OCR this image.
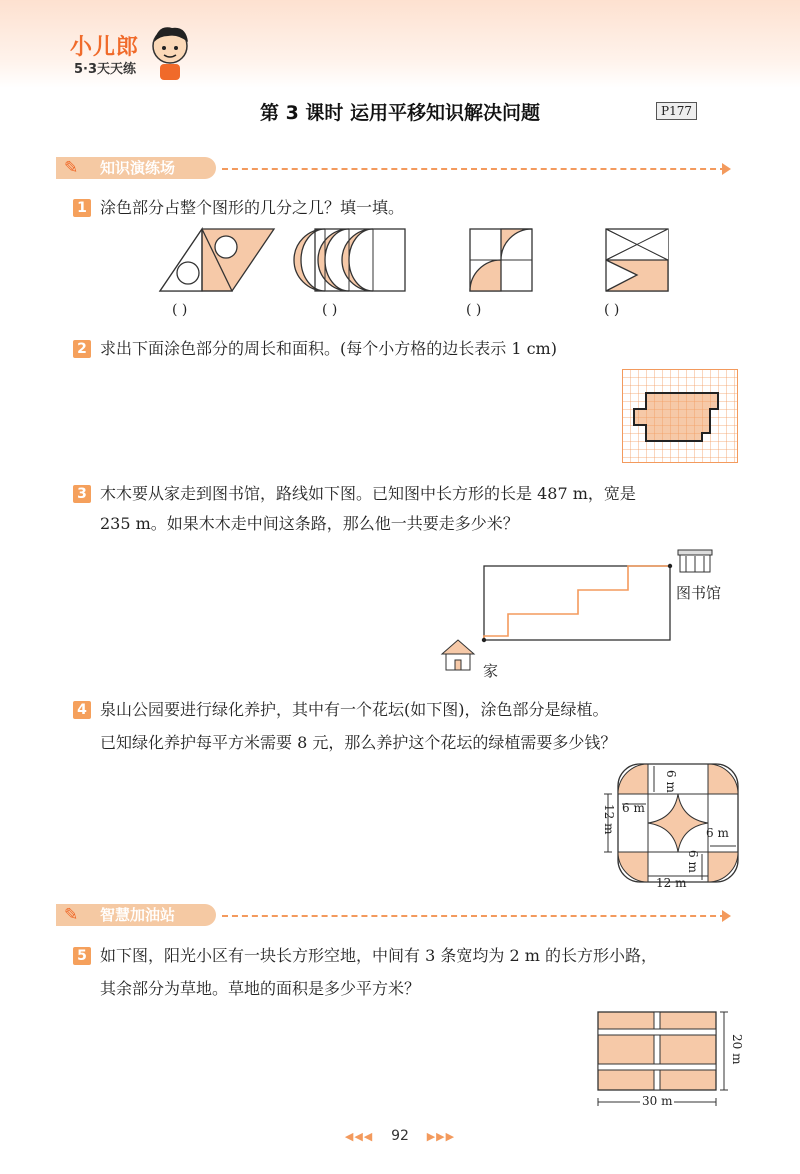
小儿郎
5·3天天练
第 3 课时 运用平移知识解决问题	P177
知识演练场
✎
1 涂色部分占整个图形的几分之几？填一填。
( )	( )	( )	( )
2 求出下面涂色部分的周长和面积。(每个小方格的边长表示 1 cm)
3 木木要从家走到图书馆，路线如下图。已知图中长方形的长是 487 m，宽是
235 m。如果木木走中间这条路，那么他一共要走多少米？
图书馆
家
4 泉山公园要进行绿化养护，其中有一个花坛(如下图)，涂色部分是绿植。
已知绿化养护每平方米需要 8 元，那么养护这个花坛的绿植需要多少钱？
6 m
12 m 6 m
6 m
6 m
12 m
智慧加油站
✎
5 如下图，阳光小区有一块长方形空地，中间有 3 条宽均为 2 m 的长方形小路，
其余部分为草地。草地的面积是多少平方米？
20 m
30 m
◀◀◀ 92 ▶▶▶
